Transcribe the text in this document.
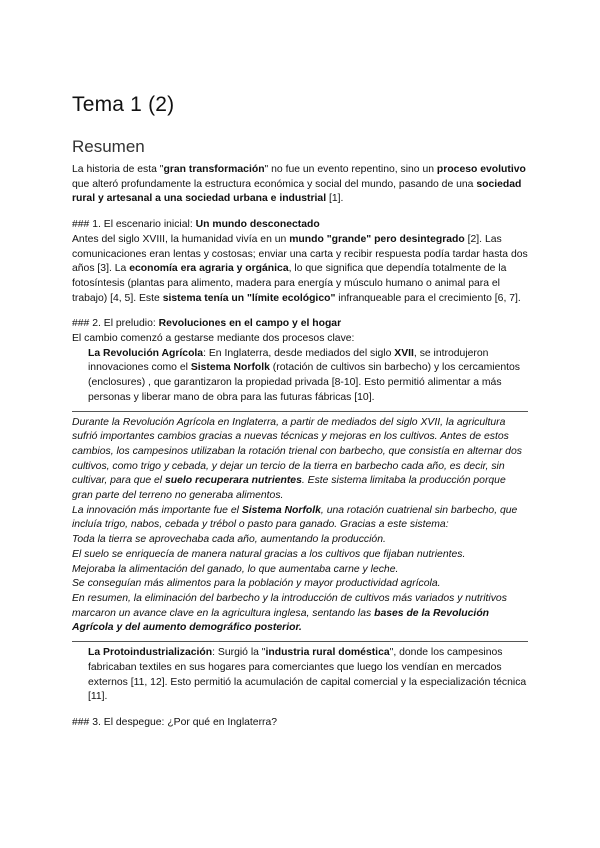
Tema 1 (2)
Resumen

La historia de esta "gran transformación" no fue un evento repentino, sino un proceso evolutivo que alteró profundamente la estructura económica y social del mundo, pasando de una sociedad rural y artesanal a una sociedad urbana e industrial [1].

### 1. El escenario inicial: Un mundo desconectado

Antes del siglo XVIII, la humanidad vivía en un mundo "grande" pero desintegrado [2]. Las comunicaciones eran lentas y costosas; enviar una carta y recibir respuesta podía tardar hasta dos años [3]. La economía era agraria y orgánica, lo que significa que dependía totalmente de la fotosíntesis (plantas para alimento, madera para energía y músculo humano o animal para el trabajo) [4, 5]. Este sistema tenía un "límite ecológico" infranqueable para el crecimiento [6, 7].

### 2. El preludio: Revoluciones en el campo y el hogar

El cambio comenzó a gestarse mediante dos procesos clave:

La Revolución Agrícola: En Inglaterra, desde mediados del siglo XVII, se introdujeron innovaciones como el Sistema Norfolk (rotación de cultivos sin barbecho) y los cercamientos (enclosures) , que garantizaron la propiedad privada [8-10]. Esto permitió alimentar a más personas y liberar mano de obra para las futuras fábricas [10].

Durante la Revolución Agrícola en Inglaterra, a partir de mediados del siglo XVII, la agricultura sufrió importantes cambios gracias a nuevas técnicas y mejoras en los cultivos. Antes de estos cambios, los campesinos utilizaban la rotación trienal con barbecho, que consistía en alternar dos cultivos, como trigo y cebada, y dejar un tercio de la tierra en barbecho cada año, es decir, sin cultivar, para que el suelo recuperara nutrientes. Este sistema limitaba la producción porque gran parte del terreno no generaba alimentos.

La innovación más importante fue el Sistema Norfolk, una rotación cuatrienal sin barbecho, que incluía trigo, nabos, cebada y trébol o pasto para ganado. Gracias a este sistema:

Toda la tierra se aprovechaba cada año, aumentando la producción.

El suelo se enriquecía de manera natural gracias a los cultivos que fijaban nutrientes.

Mejoraba la alimentación del ganado, lo que aumentaba carne y leche.

Se conseguían más alimentos para la población y mayor productividad agrícola.

En resumen, la eliminación del barbecho y la introducción de cultivos más variados y nutritivos marcaron un avance clave en la agricultura inglesa, sentando las bases de la Revolución Agrícola y del aumento demográfico posterior.

La Protoindustrialización: Surgió la "industria rural doméstica", donde los campesinos fabricaban textiles en sus hogares para comerciantes que luego los vendían en mercados externos [11, 12]. Esto permitió la acumulación de capital comercial y la especialización técnica [11].

### 3. El despegue: ¿Por qué en Inglaterra?
